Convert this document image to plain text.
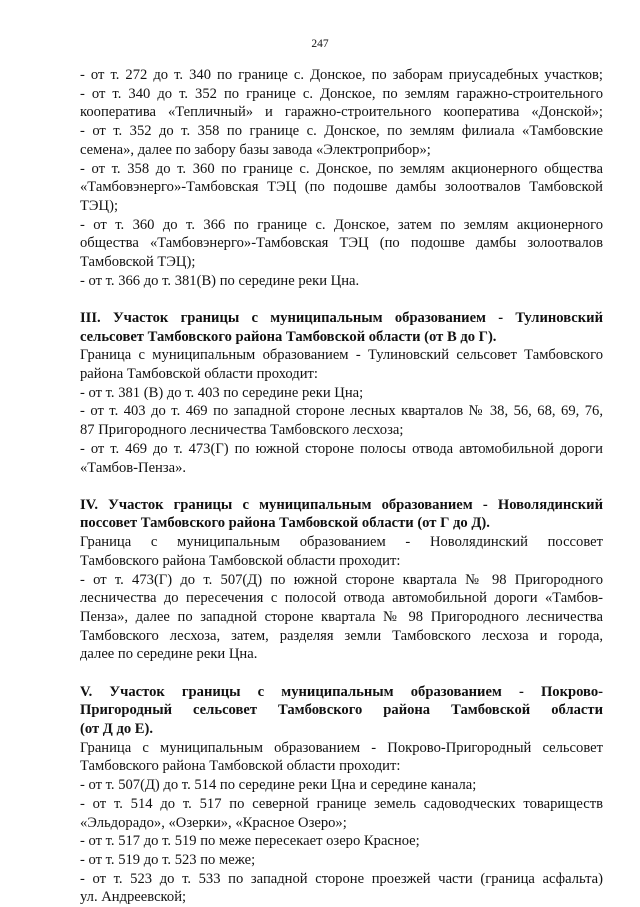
247
- от т. 272 до т. 340 по границе с. Донское, по заборам приусадебных участков;
- от т. 340 до т. 352 по границе с. Донское, по землям гаражно-строительного
кооператива «Тепличный» и гаражно-строительного кооператива «Донской»;
- от т. 352 до т. 358 по границе с. Донское, по землям филиала «Тамбовские
семена», далее по забору базы завода «Электроприбор»;
- от т. 358 до т. 360 по границе с. Донское, по землям акционерного общества
«Тамбовэнерго»-Тамбовская ТЭЦ (по подошве дамбы золоотвалов Тамбовской
ТЭЦ);
- от т. 360 до т. 366 по границе с. Донское, затем по землям акционерного
общества «Тамбовэнерго»-Тамбовская ТЭЦ (по подошве дамбы золоотвалов
Тамбовской ТЭЦ);
- от т. 366 до т. 381(В) по середине реки Цна.
III. Участок границы с муниципальным образованием - Тулиновский
сельсовет Тамбовского района Тамбовской области (от В до Г).
Граница с муниципальным образованием - Тулиновский сельсовет Тамбовского
района Тамбовской области проходит:
- от т. 381 (В) до т. 403 по середине реки Цна;
- от т. 403 до т. 469 по западной стороне лесных кварталов № 38, 56, 68, 69, 76,
87 Пригородного лесничества Тамбовского лесхоза;
- от т. 469 до т. 473(Г) по южной стороне полосы отвода автомобильной дороги
«Тамбов-Пенза».
IV. Участок границы с муниципальным образованием - Новолядинский
поссовет Тамбовского района Тамбовской области (от Г до Д).
Граница с муниципальным образованием - Новолядинский поссовет
Тамбовского района Тамбовской области проходит:
- от т. 473(Г) до т. 507(Д) по южной стороне квартала № 98 Пригородного
лесничества до пересечения с полосой отвода автомобильной дороги «Тамбов-
Пенза», далее по западной стороне квартала № 98 Пригородного лесничества
Тамбовского лесхоза, затем, разделяя земли Тамбовского лесхоза и города,
далее по середине реки Цна.
V. Участок границы с муниципальным образованием - Покрово-
Пригородный сельсовет Тамбовского района Тамбовской области
(от Д до Е).
Граница с муниципальным образованием - Покрово-Пригородный сельсовет
Тамбовского района Тамбовской области проходит:
- от т. 507(Д) до т. 514 по середине реки Цна и середине канала;
- от т. 514 до т. 517 по северной границе земель садоводческих товариществ
«Эльдорадо», «Озерки», «Красное Озеро»;
- от т. 517 до т. 519 по меже пересекает озеро Красное;
- от т. 519 до т. 523 по меже;
- от т. 523 до т. 533 по западной стороне проезжей части (граница асфальта)
ул. Андреевской;
